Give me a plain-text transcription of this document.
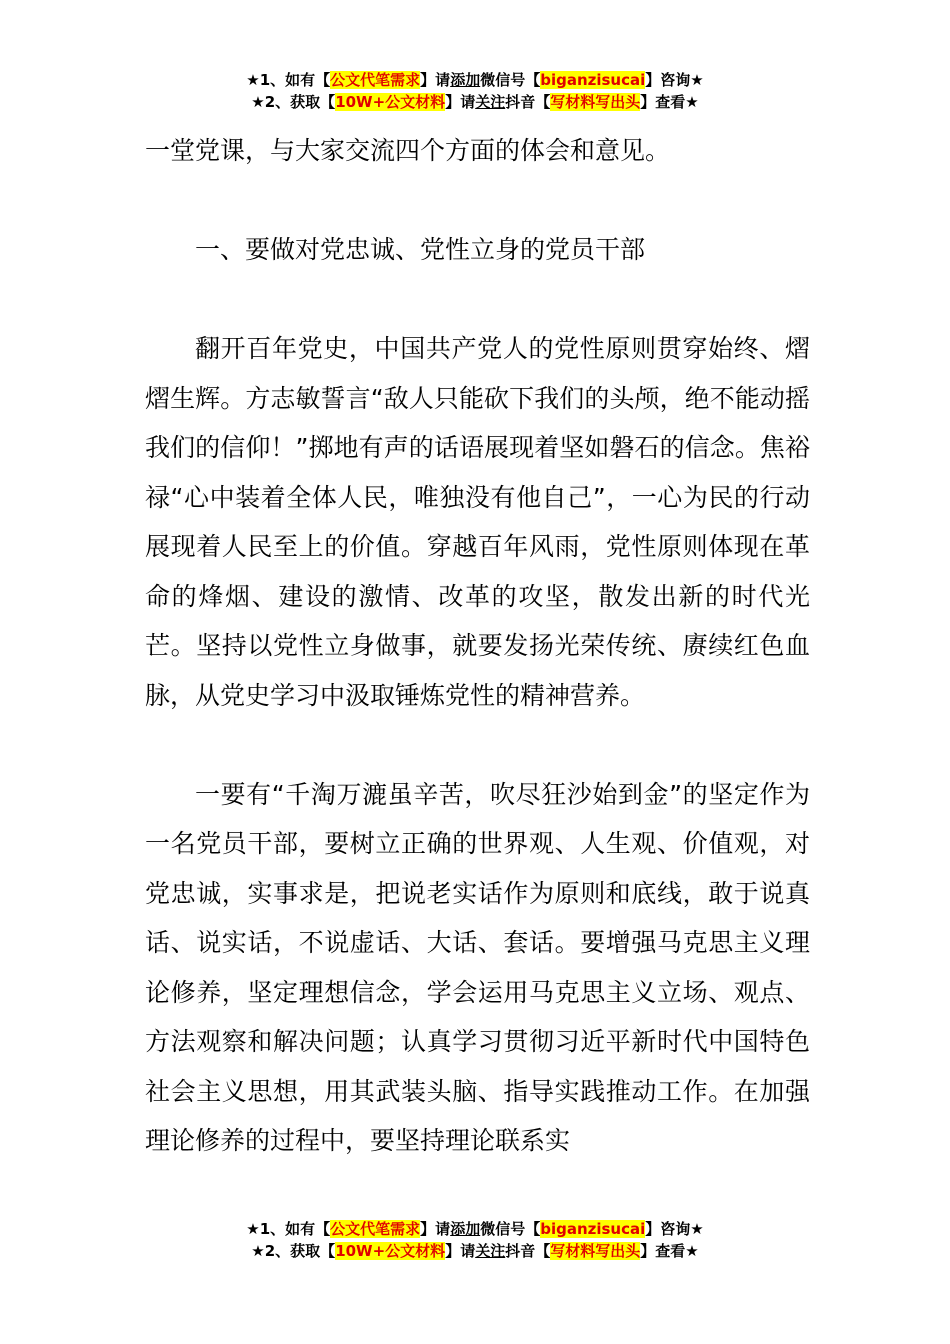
★1、如有【公文代笔需求】请添加微信号【biganzisucai】咨询★
★2、获取【10W+公文材料】请关注抖音【写材料写出头】查看★

一堂党课，与大家交流四个方面的体会和意见。

一、要做对党忠诚、党性立身的党员干部

翻开百年党史，中国共产党人的党性原则贯穿始终、熠熠生辉。方志敏誓言“敌人只能砍下我们的头颅，绝不能动摇我们的信仰！”掷地有声的话语展现着坚如磐石的信念。焦裕禄“心中装着全体人民，唯独没有他自己”，一心为民的行动展现着人民至上的价值。穿越百年风雨，党性原则体现在革命的烽烟、建设的激情、改革的攻坚，散发出新的时代光芒。坚持以党性立身做事，就要发扬光荣传统、赓续红色血脉，从党史学习中汲取锤炼党性的精神营养。

一要有“千淘万漉虽辛苦，吹尽狂沙始到金”的坚定作为一名党员干部，要树立正确的世界观、人生观、价值观，对党忠诚，实事求是，把说老实话作为原则和底线，敢于说真话、说实话，不说虚话、大话、套话。要增强马克思主义理论修养，坚定理想信念，学会运用马克思主义立场、观点、方法观察和解决问题；认真学习贯彻习近平新时代中国特色社会主义思想，用其武装头脑、指导实践推动工作。在加强理论修养的过程中，要坚持理论联系实

★1、如有【公文代笔需求】请添加微信号【biganzisucai】咨询★
★2、获取【10W+公文材料】请关注抖音【写材料写出头】查看★
